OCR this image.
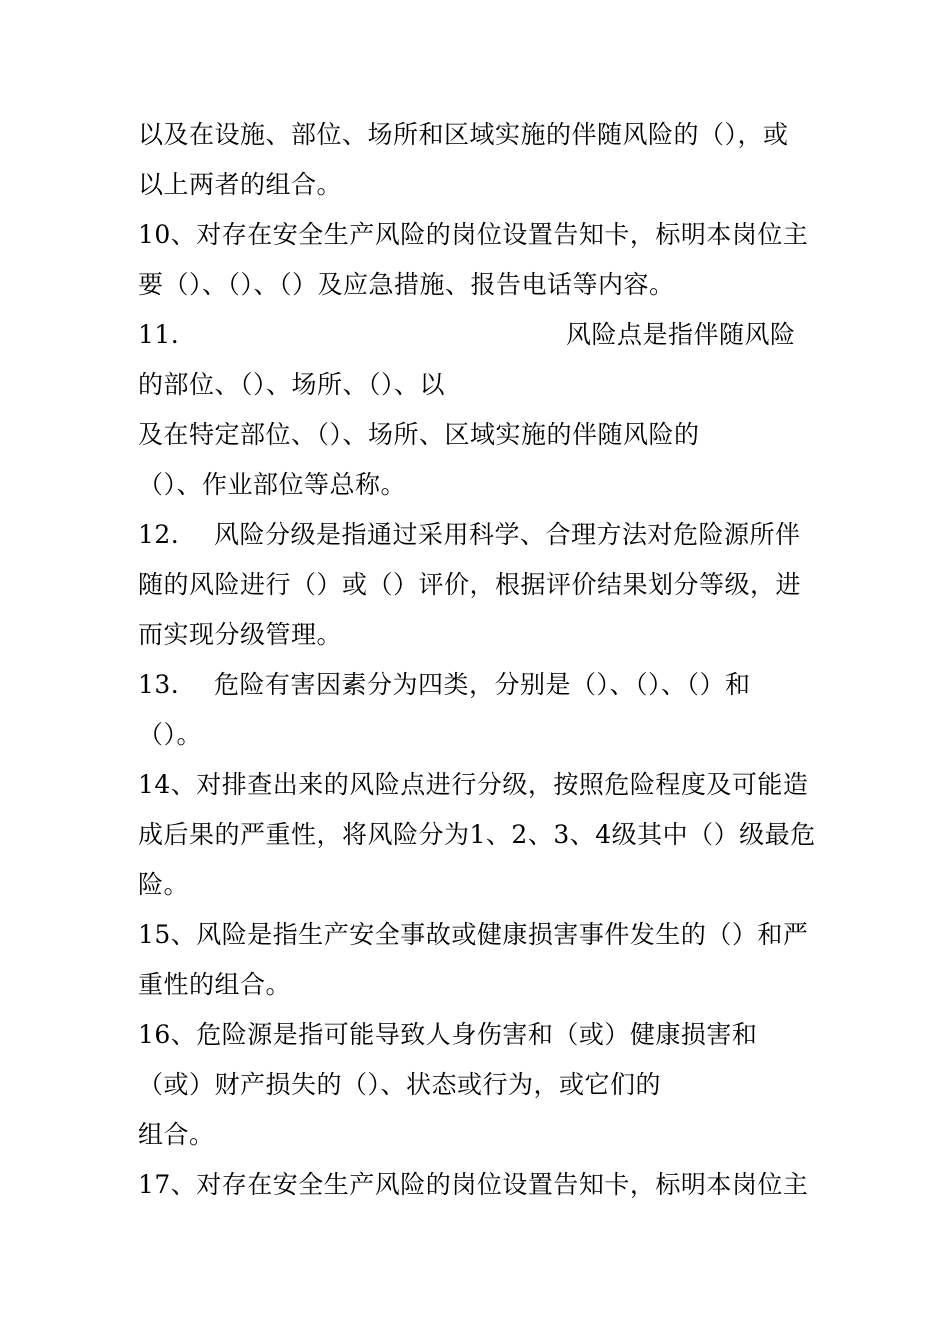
以及在设施、部位、场所和区域实施的伴随风险的（），或
以上两者的组合。
10、对存在安全生产风险的岗位设置告知卡，标明本岗位主
要（）、（）、（）及应急措施、报告电话等内容。
11.	风险点是指伴随风险
的部位、（）、场所、（）、以
及在特定部位、（）、场所、区域实施的伴随风险的
（）、作业部位等总称。
12. 风险分级是指通过采用科学、合理方法对危险源所伴
随的风险进行（）或（）评价，根据评价结果划分等级，进
而实现分级管理。
13. 危险有害因素分为四类，分别是（）、（）、（）和
（）。
14、对排查出来的风险点进行分级，按照危险程度及可能造
成后果的严重性，将风险分为1、2、3、4级其中（）级最危
险。
15、风险是指生产安全事故或健康损害事件发生的（）和严
重性的组合。
16、危险源是指可能导致人身伤害和（或）健康损害和
（或）财产损失的（）、状态或行为，或它们的
组合。
17、对存在安全生产风险的岗位设置告知卡，标明本岗位主
